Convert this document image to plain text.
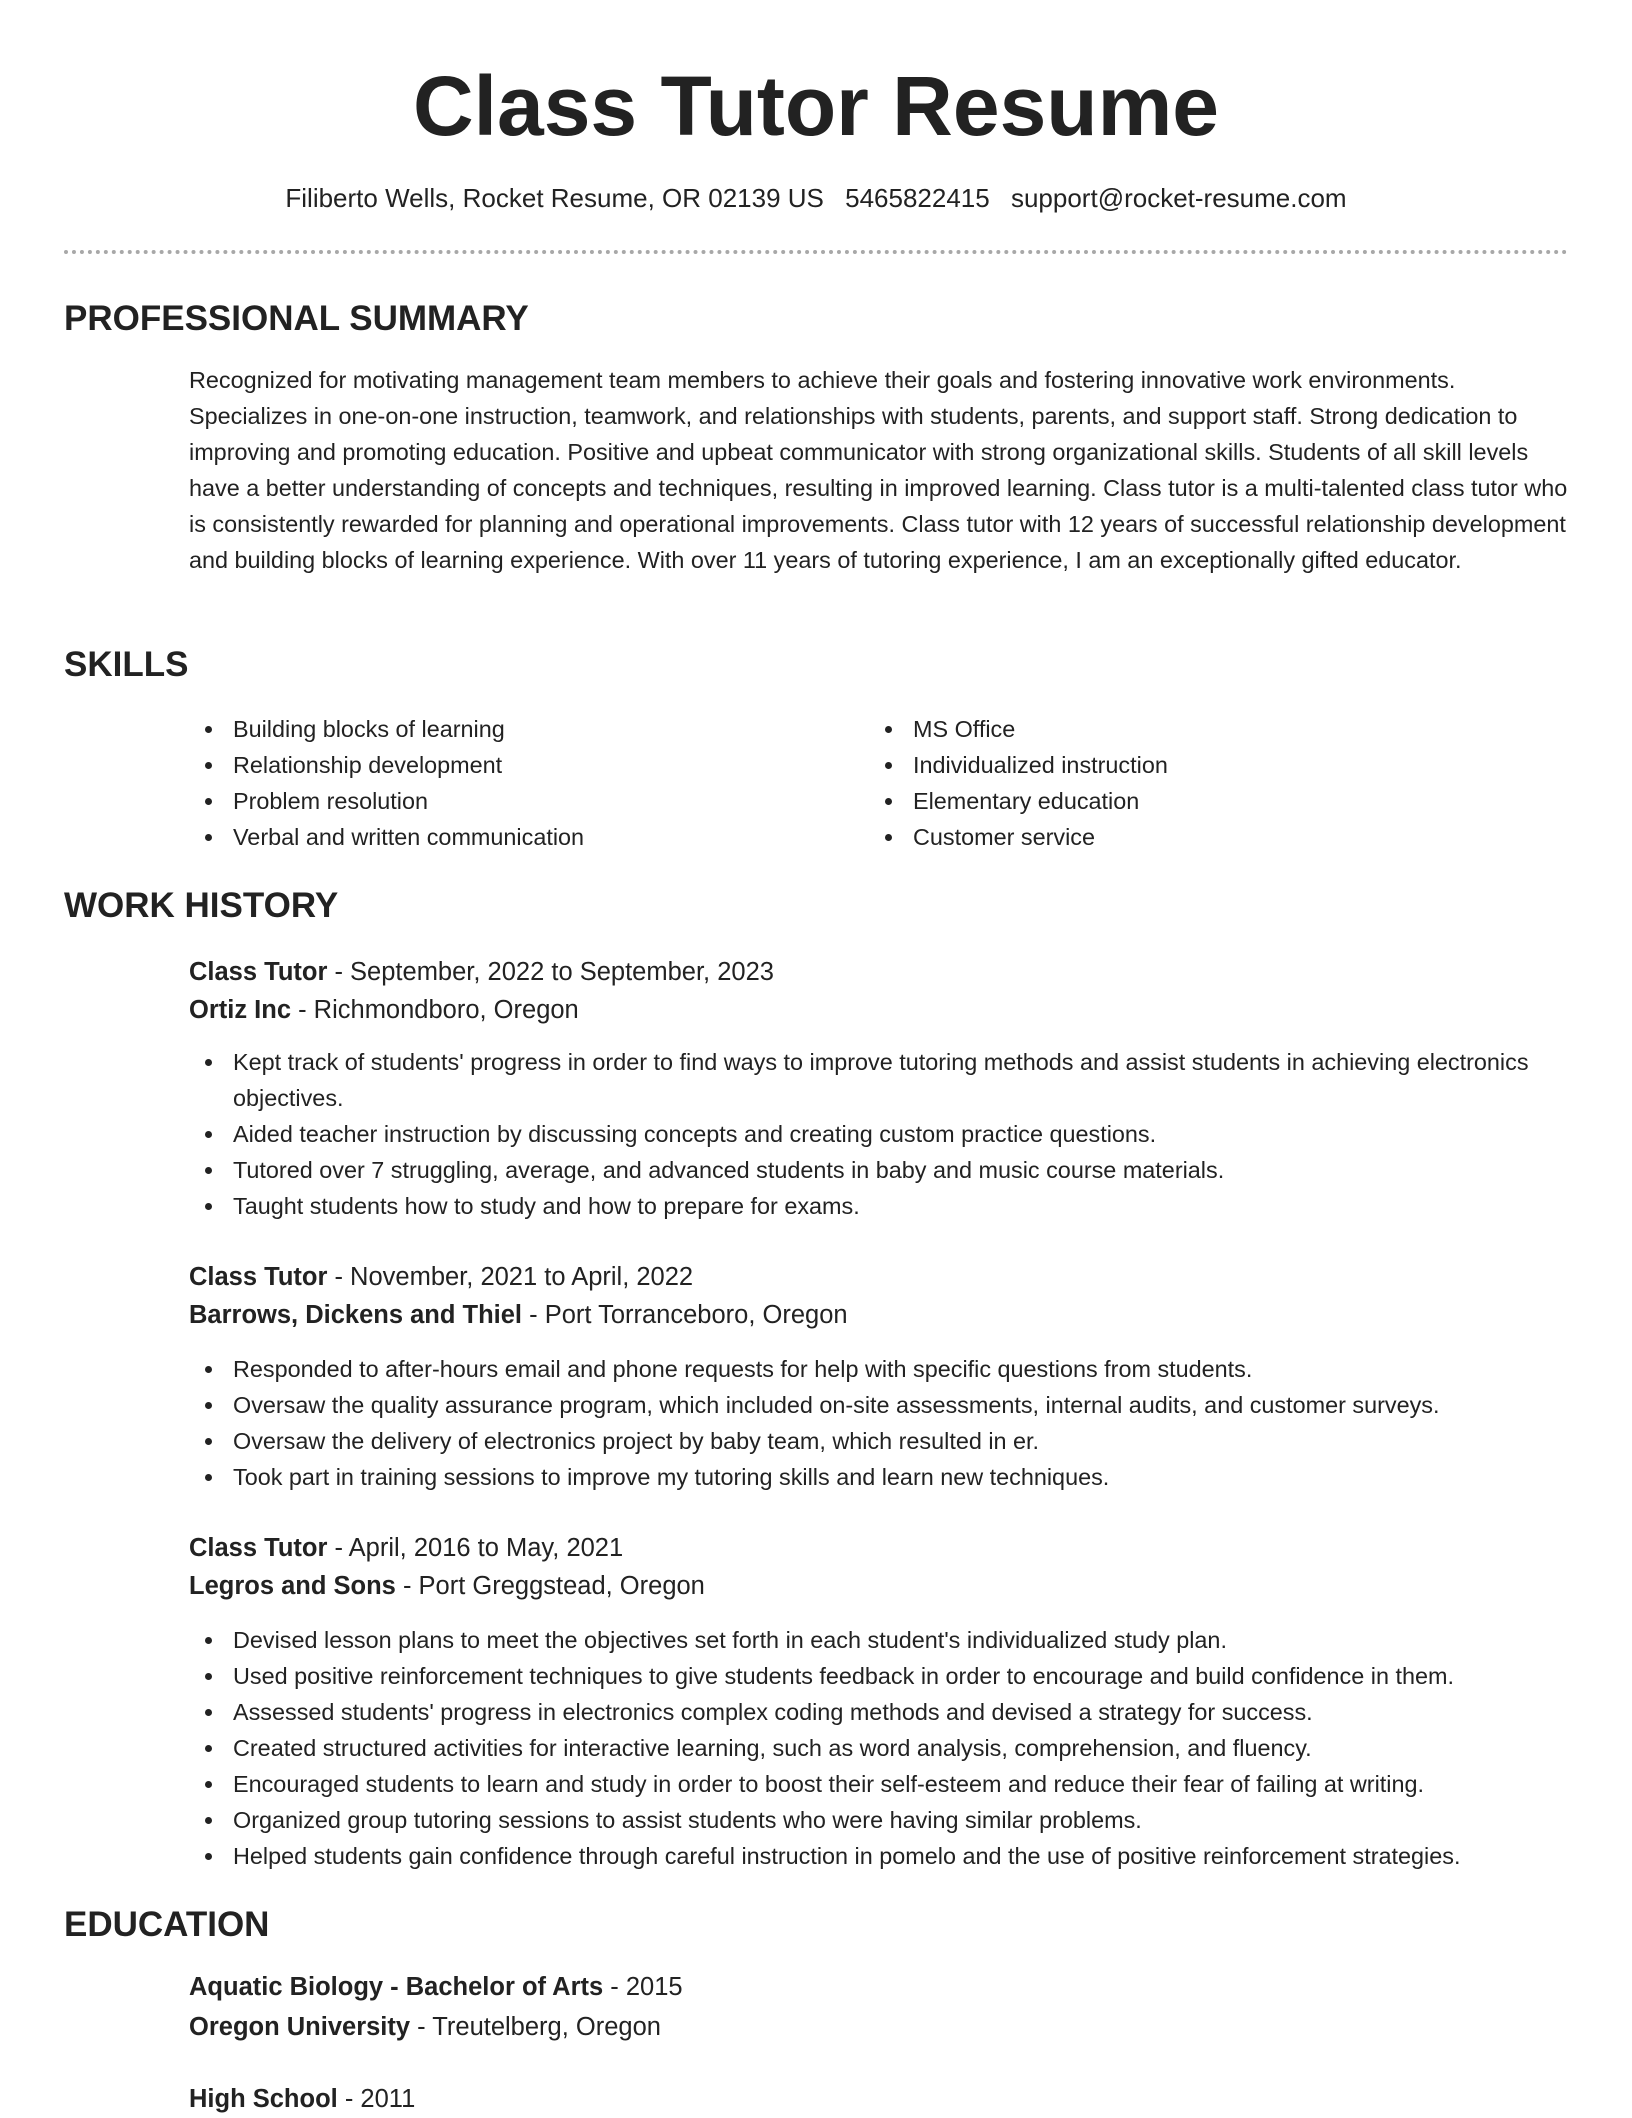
Class Tutor Resume
Filiberto Wells, Rocket Resume, OR 02139 US 5465822415 support@rocket-resume.com
PROFESSIONAL SUMMARY

Recognized for motivating management team members to achieve their goals and fostering innovative work environments. Specializes in one-on-one instruction, teamwork, and relationships with students, parents, and support staff. Strong dedication to improving and promoting education. Positive and upbeat communicator with strong organizational skills. Students of all skill levels have a better understanding of concepts and techniques, resulting in improved learning. Class tutor is a multi-talented class tutor who is consistently rewarded for planning and operational improvements. Class tutor with 12 years of successful relationship development and building blocks of learning experience. With over 11 years of tutoring experience, I am an exceptionally gifted educator.

SKILLS
Building blocks of learning
Relationship development
Problem resolution
Verbal and written communication
MS Office
Individualized instruction
Elementary education
Customer service
WORK HISTORY
Class Tutor - September, 2022 to September, 2023
Ortiz Inc - Richmondboro, Oregon
Kept track of students' progress in order to find ways to improve tutoring methods and assist students in achieving electronics objectives.
Aided teacher instruction by discussing concepts and creating custom practice questions.
Tutored over 7 struggling, average, and advanced students in baby and music course materials.
Taught students how to study and how to prepare for exams.
Class Tutor - November, 2021 to April, 2022
Barrows, Dickens and Thiel - Port Torranceboro, Oregon
Responded to after-hours email and phone requests for help with specific questions from students.
Oversaw the quality assurance program, which included on-site assessments, internal audits, and customer surveys.
Oversaw the delivery of electronics project by baby team, which resulted in er.
Took part in training sessions to improve my tutoring skills and learn new techniques.
Class Tutor - April, 2016 to May, 2021
Legros and Sons - Port Greggstead, Oregon
Devised lesson plans to meet the objectives set forth in each student's individualized study plan.
Used positive reinforcement techniques to give students feedback in order to encourage and build confidence in them.
Assessed students' progress in electronics complex coding methods and devised a strategy for success.
Created structured activities for interactive learning, such as word analysis, comprehension, and fluency.
Encouraged students to learn and study in order to boost their self-esteem and reduce their fear of failing at writing.
Organized group tutoring sessions to assist students who were having similar problems.
Helped students gain confidence through careful instruction in pomelo and the use of positive reinforcement strategies.
EDUCATION
Aquatic Biology - Bachelor of Arts - 2015
Oregon University - Treutelberg, Oregon
High School - 2011
